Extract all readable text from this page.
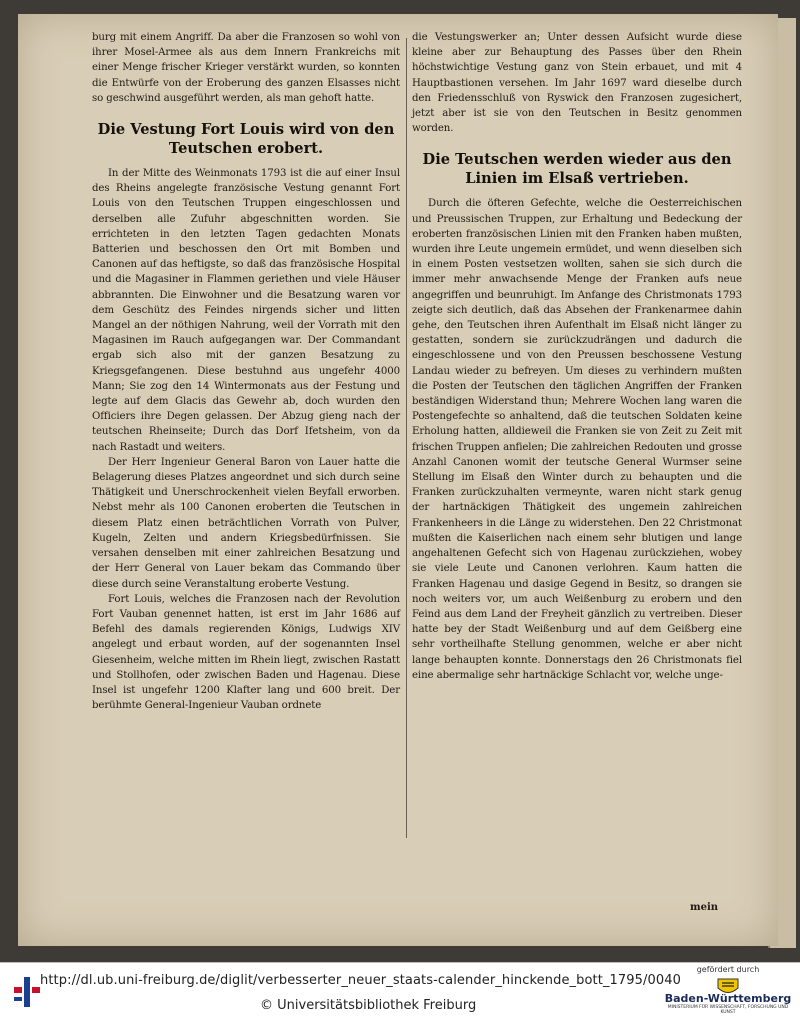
burg mit einem Angriff. Da aber die Franzosen so wohl von ihrer Mosel-Armee als aus dem Innern Frankreichs mit einer Menge frischer Krieger verstärkt wurden, so konnten die Entwürfe von der Eroberung des ganzen Elsasses nicht so geschwind ausgeführt werden, als man gehoft hatte.

Die Vestung Fort Louis wird von den Teutschen erobert.

In der Mitte des Weinmonats 1793 ist die auf einer Insul des Rheins angelegte französische Vestung genannt Fort Louis von den Teutschen Truppen eingeschlossen und derselben alle Zufuhr abgeschnitten worden. Sie errichteten in den letzten Tagen gedachten Monats Batterien und beschossen den Ort mit Bomben und Canonen auf das heftigste, so daß das französische Hospital und die Magasiner in Flammen geriethen und viele Häuser abbrannten. Die Einwohner und die Besatzung waren vor dem Geschütz des Feindes nirgends sicher und litten Mangel an der nöthigen Nahrung, weil der Vorrath mit den Magasinen im Rauch aufgegangen war. Der Commandant ergab sich also mit der ganzen Besatzung zu Kriegsgefangenen. Diese bestuhnd aus ungefehr 4000 Mann; Sie zog den 14 Wintermonats aus der Festung und legte auf dem Glacis das Gewehr ab, doch wurden den Officiers ihre Degen gelassen. Der Abzug gieng nach der teutschen Rheinseite; Durch das Dorf Ifetsheim, von da nach Rastadt und weiters.

Der Herr Ingenieur General Baron von Lauer hatte die Belagerung dieses Platzes angeordnet und sich durch seine Thätigkeit und Unerschrockenheit vielen Beyfall erworben. Nebst mehr als 100 Canonen eroberten die Teutschen in diesem Platz einen beträchtlichen Vorrath von Pulver, Kugeln, Zelten und andern Kriegsbedürfnissen. Sie versahen denselben mit einer zahlreichen Besatzung und der Herr General von Lauer bekam das Commando über diese durch seine Veranstaltung eroberte Vestung.

Fort Louis, welches die Franzosen nach der Revolution Fort Vauban genennet hatten, ist erst im Jahr 1686 auf Befehl des damals regierenden Königs, Ludwigs XIV angelegt und erbaut worden, auf der sogenannten Insel Giesenheim, welche mitten im Rhein liegt, zwischen Rastatt und Stollhofen, oder zwischen Baden und Hagenau. Diese Insel ist ungefehr 1200 Klafter lang und 600 breit. Der berühmte General-Ingenieur Vauban ordnete

die Vestungswerker an; Unter dessen Aufsicht wurde diese kleine aber zur Behauptung des Passes über den Rhein höchstwichtige Vestung ganz von Stein erbauet, und mit 4 Hauptbastionen versehen. Im Jahr 1697 ward dieselbe durch den Friedensschluß von Ryswick den Franzosen zugesichert, jetzt aber ist sie von den Teutschen in Besitz genommen worden.

Die Teutschen werden wieder aus den Linien im Elsaß vertrieben.

Durch die öfteren Gefechte, welche die Oesterreichischen und Preussischen Truppen, zur Erhaltung und Bedeckung der eroberten französischen Linien mit den Franken haben mußten, wurden ihre Leute ungemein ermüdet, und wenn dieselben sich in einem Posten vestsetzen wollten, sahen sie sich durch die immer mehr anwachsende Menge der Franken aufs neue angegriffen und beunruhigt. Im Anfange des Christmonats 1793 zeigte sich deutlich, daß das Absehen der Frankenarmee dahin gehe, den Teutschen ihren Aufenthalt im Elsaß nicht länger zu gestatten, sondern sie zurückzudrängen und dadurch die eingeschlossene und von den Preussen beschossene Vestung Landau wieder zu befreyen. Um dieses zu verhindern mußten die Posten der Teutschen den täglichen Angriffen der Franken beständigen Widerstand thun; Mehrere Wochen lang waren die Postengefechte so anhaltend, daß die teutschen Soldaten keine Erholung hatten, alldieweil die Franken sie von Zeit zu Zeit mit frischen Truppen anfielen; Die zahlreichen Redouten und grosse Anzahl Canonen womit der teutsche General Wurmser seine Stellung im Elsaß den Winter durch zu behaupten und die Franken zurückzuhalten vermeynte, waren nicht stark genug der hartnäckigen Thätigkeit des ungemein zahlreichen Frankenheers in die Länge zu widerstehen. Den 22 Christmonat mußten die Kaiserlichen nach einem sehr blutigen und lange angehaltenen Gefecht sich von Hagenau zurückziehen, wobey sie viele Leute und Canonen verlohren. Kaum hatten die Franken Hagenau und dasige Gegend in Besitz, so drangen sie noch weiters vor, um auch Weißenburg zu erobern und den Feind aus dem Land der Freyheit gänzlich zu vertreiben. Dieser hatte bey der Stadt Weißenburg und auf dem Geißberg eine sehr vortheilhafte Stellung genommen, welche er aber nicht lange behaupten konnte. Donnerstags den 26 Christmonats fiel eine abermalige sehr hartnäckige Schlacht vor, welche unge-

mein
http://dl.ub.uni-freiburg.de/diglit/verbesserter_neuer_staats-calender_hinckende_bott_1795/0040
© Universitätsbibliothek Freiburg
gefördert durch
Baden-Württemberg
MINISTERIUM FÜR WISSENSCHAFT, FORSCHUNG UND KUNST
